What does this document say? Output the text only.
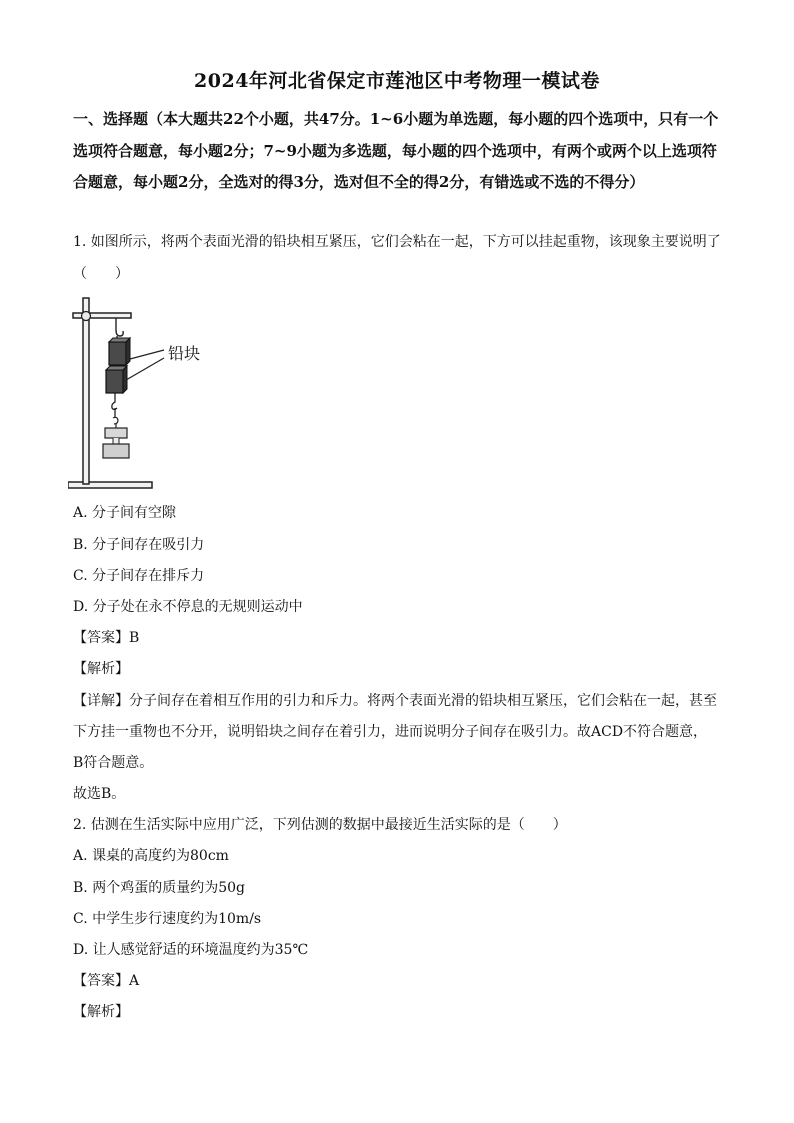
2024年河北省保定市莲池区中考物理一模试卷
一、选择题（本大题共22个小题，共47分。1~6小题为单选题，每小题的四个选项中，只有一个选项符合题意，每小题2分；7~9小题为多选题，每小题的四个选项中，有两个或两个以上选项符合题意，每小题2分，全选对的得3分，选对但不全的得2分，有错选或不选的不得分）
1. 如图所示，将两个表面光滑的铅块相互紧压，它们会粘在一起，下方可以挂起重物，该现象主要说明了
（　　）
铅块
A. 分子间有空隙
B. 分子间存在吸引力
C. 分子间存在排斥力
D. 分子处在永不停息的无规则运动中
【答案】B
【解析】
【详解】分子间存在着相互作用的引力和斥力。将两个表面光滑的铅块相互紧压，它们会粘在一起，甚至
下方挂一重物也不分开，说明铅块之间存在着引力，进而说明分子间存在吸引力。故ACD不符合题意，
B符合题意。
故选B。
2. 估测在生活实际中应用广泛，下列估测的数据中最接近生活实际的是（　　）
A. 课桌的高度约为80cm
B. 两个鸡蛋的质量约为50g
C. 中学生步行速度约为10m/s
D. 让人感觉舒适的环境温度约为35℃
【答案】A
【解析】
